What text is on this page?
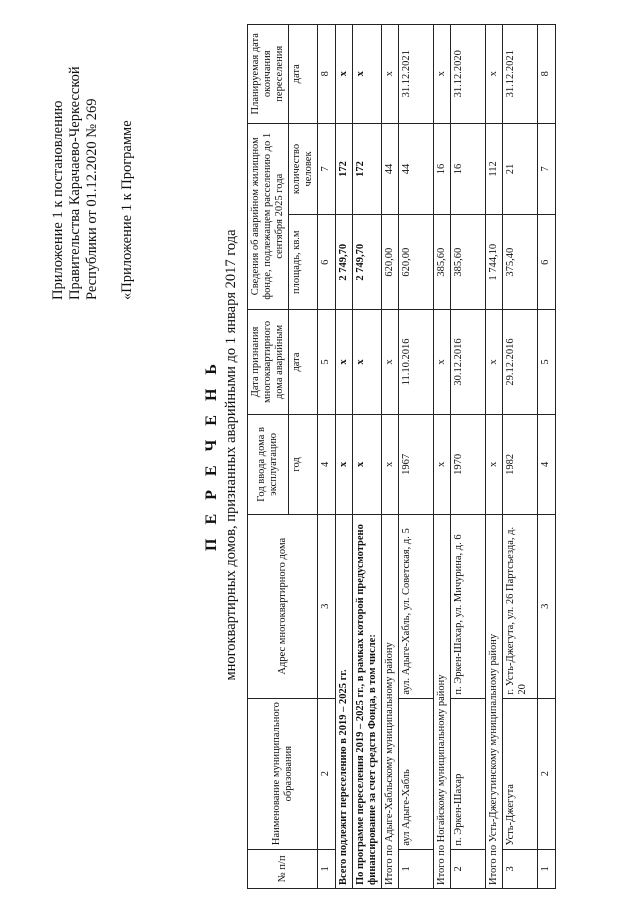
Приложение 1 к постановлению Правительства Карачаево-Черкесской Республики от 01.12.2020 № 269 «Приложение 1 к Программе
П Е Р Е Ч Е Н Ь многоквартирных домов, признанных аварийными до 1 января 2017 года
№ п/п	Наименование муниципального образования	Адрес многоквартирного дома	Год ввода дома в эксплуатацию	Дата признания многоквартирного дома аварийным	Сведения об аварийном жилищном фонде, подлежащем расселению до 1 сентября 2025 года		Планируемая дата окончания переселения
			год	дата	площадь, кв.м	количество человек	дата
1	2	3	4	5	6	7	8
Всего подлежит переселению в 2019 – 2025 гг.			x	x	2 749,70	172	x
По программе переселения 2019 – 2025 гг., в рамках которой предусмотрено финансирование за счет средств Фонда, в том числе:			x	x	2 749,70	172	x
Итого по Адыге-Хабльскому муниципальному району			x	x	620,00	44	x
1	аул Адыге-Хабль	аул. Адыге-Хабль, ул. Советская, д. 5	1967	11.10.2016	620,00	44	31.12.2021
Итого по Ногайскому муниципальному району			x	x	385,60	16	x
2	п. Эркен-Шахар	п. Эркен-Шахар, ул. Мичурина, д. 6	1970	30.12.2016	385,60	16	31.12.2020
Итого по Усть-Джегутинскому муниципальному району			x	x	1 744,10	112	x
3	Усть-Джегута	г. Усть-Джегута, ул. 26 Партсъезда, д. 20	1982	29.12.2016	375,40	21	31.12.2021
1	2	3	4	5	6	7	8
